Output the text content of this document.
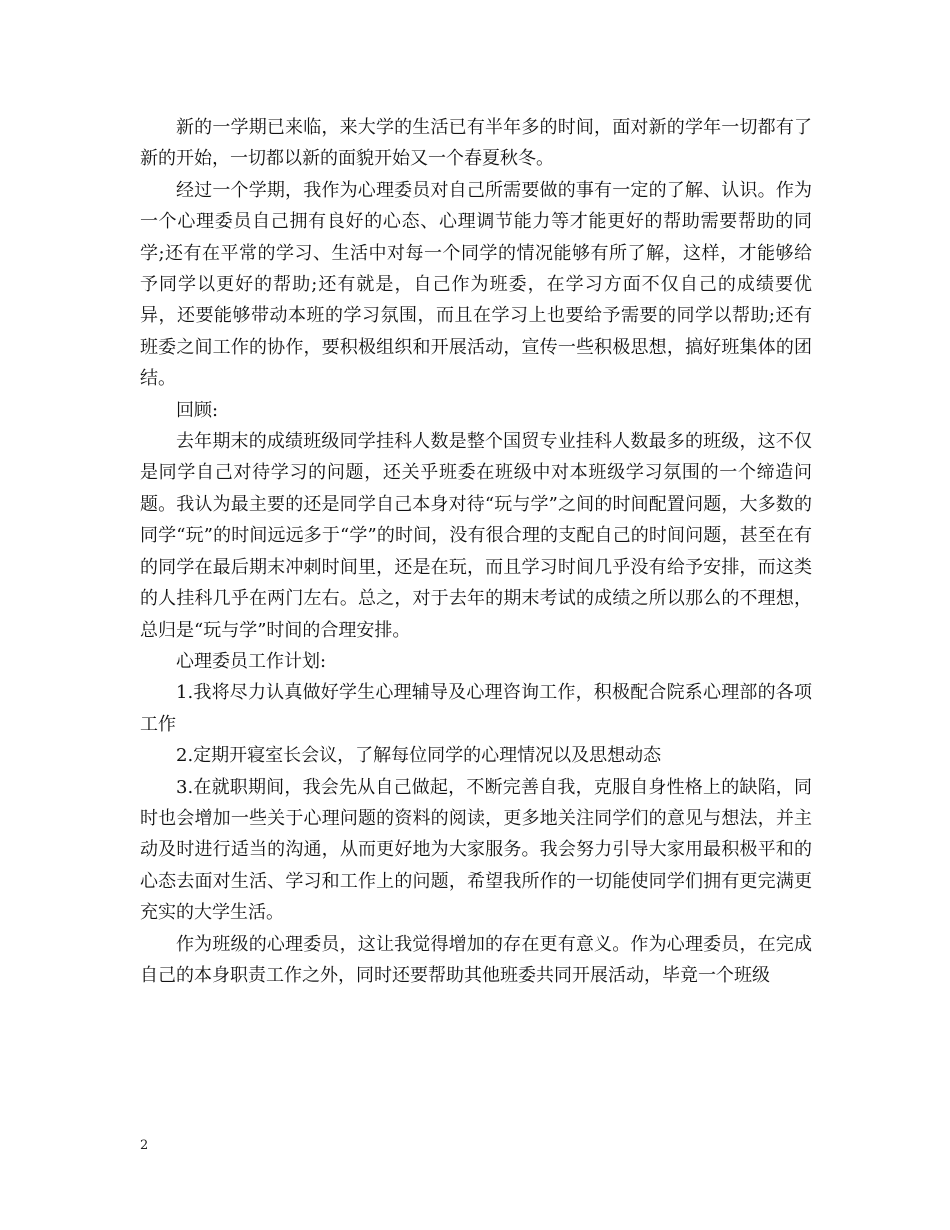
新的一学期已来临，来大学的生活已有半年多的时间，面对新的学年一切都有了新的开始，一切都以新的面貌开始又一个春夏秋冬。

经过一个学期，我作为心理委员对自己所需要做的事有一定的了解、认识。作为一个心理委员自己拥有良好的心态、心理调节能力等才能更好的帮助需要帮助的同学;还有在平常的学习、生活中对每一个同学的情况能够有所了解，这样，才能够给予同学以更好的帮助;还有就是，自己作为班委，在学习方面不仅自己的成绩要优异，还要能够带动本班的学习氛围，而且在学习上也要给予需要的同学以帮助;还有班委之间工作的协作，要积极组织和开展活动，宣传一些积极思想，搞好班集体的团结。

回顾:

去年期末的成绩班级同学挂科人数是整个国贸专业挂科人数最多的班级，这不仅是同学自己对待学习的问题，还关乎班委在班级中对本班级学习氛围的一个缔造问题。我认为最主要的还是同学自己本身对待“玩与学”之间的时间配置问题，大多数的同学“玩”的时间远远多于“学”的时间，没有很合理的支配自己的时间问题，甚至在有的同学在最后期末冲刺时间里，还是在玩，而且学习时间几乎没有给予安排，而这类的人挂科几乎在两门左右。总之，对于去年的期末考试的成绩之所以那么的不理想，总归是“玩与学”时间的合理安排。

心理委员工作计划:

1.我将尽力认真做好学生心理辅导及心理咨询工作，积极配合院系心理部的各项工作

2.定期开寝室长会议，了解每位同学的心理情况以及思想动态

3.在就职期间，我会先从自己做起，不断完善自我，克服自身性格上的缺陷，同时也会增加一些关于心理问题的资料的阅读，更多地关注同学们的意见与想法，并主动及时进行适当的沟通，从而更好地为大家服务。我会努力引导大家用最积极平和的心态去面对生活、学习和工作上的问题，希望我所作的一切能使同学们拥有更完满更充实的大学生活。

作为班级的心理委员，这让我觉得增加的存在更有意义。作为心理委员，在完成自己的本身职责工作之外，同时还要帮助其他班委共同开展活动，毕竟一个班级

2
